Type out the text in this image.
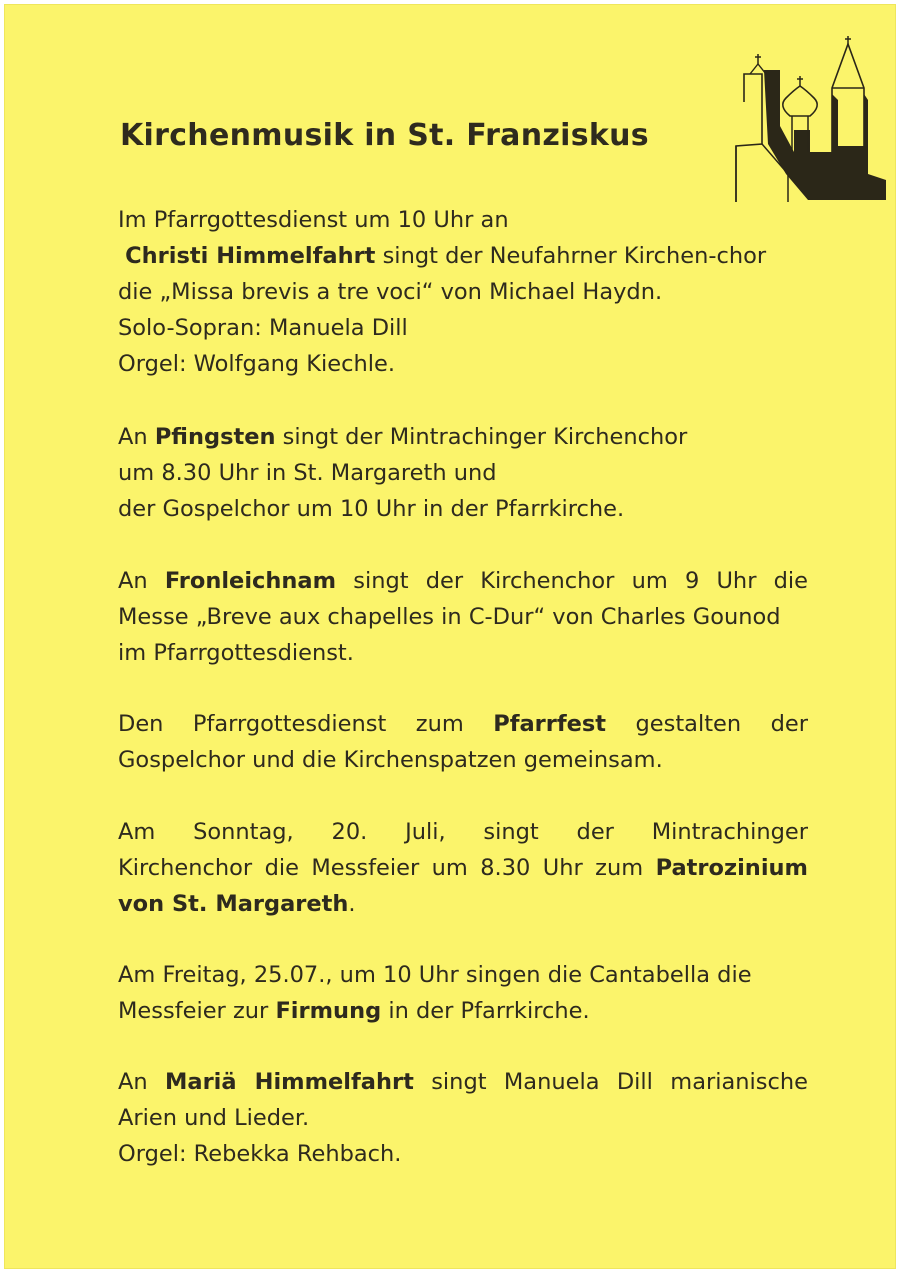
Kirchenmusik in St. Franziskus
Im Pfarrgottesdienst um 10 Uhr an
Christi Himmelfahrt singt der Neufahrner Kirchen-chor
die „Missa brevis a tre voci“ von Michael Haydn.
Solo-Sopran: Manuela Dill
Orgel: Wolfgang Kiechle.
An Pfingsten singt der Mintrachinger Kirchenchor
um 8.30 Uhr in St. Margareth und
der Gospelchor um 10 Uhr in der Pfarrkirche.
An Fronleichnam singt der Kirchenchor um 9 Uhr die
Messe „Breve aux chapelles in C-Dur“ von Charles Gounod
im Pfarrgottesdienst.
Den Pfarrgottesdienst zum Pfarrfest gestalten der
Gospelchor und die Kirchenspatzen gemeinsam.
Am Sonntag, 20. Juli, singt der Mintrachinger
Kirchenchor die Messfeier um 8.30 Uhr zum Patrozinium
von St. Margareth.
Am Freitag, 25.07., um 10 Uhr singen die Cantabella die
Messfeier zur Firmung in der Pfarrkirche.
An Mariä Himmelfahrt singt Manuela Dill marianische
Arien und Lieder.
Orgel: Rebekka Rehbach.
